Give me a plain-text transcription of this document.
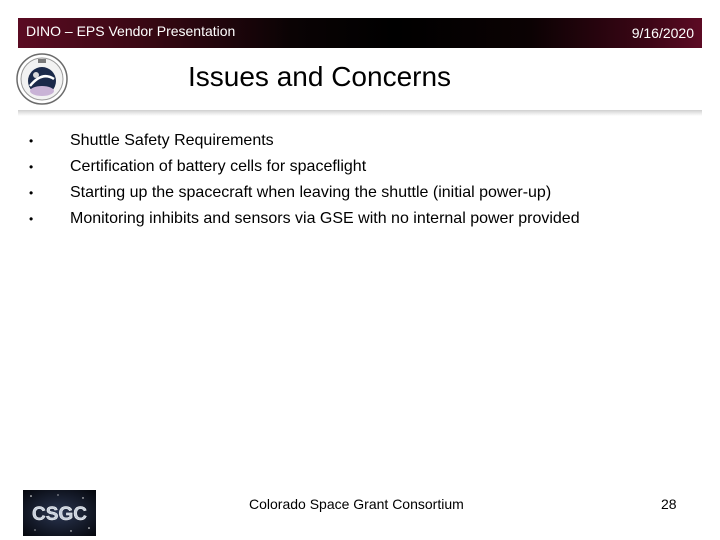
DINO – EPS Vendor Presentation	9/16/2020
Issues and Concerns
• Shuttle Safety Requirements
• Certification of battery cells for spaceflight
• Starting up the spacecraft when leaving the shuttle (initial power-up)
• Monitoring inhibits and sensors via GSE with no internal power provided
CSGC	Colorado Space Grant Consortium	28
